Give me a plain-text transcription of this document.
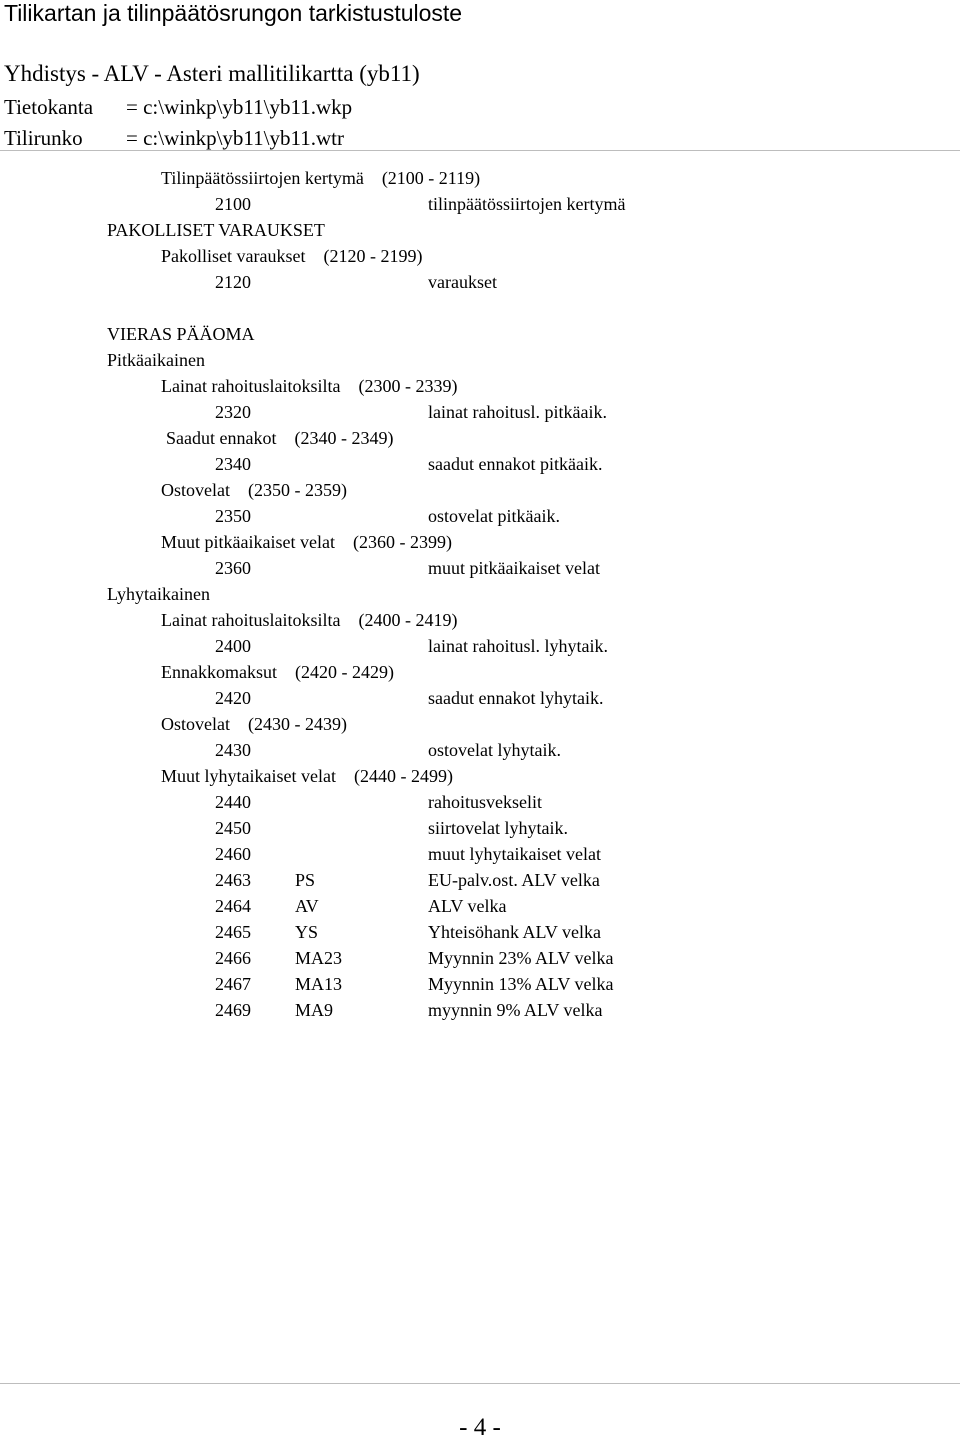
Tilikartan ja tilinpäätösrungon tarkistustuloste
Yhdistys - ALV - Asteri mallitilikartta (yb11)
Tietokanta = c:\winkp\yb11\yb11.wkp
Tilirunko = c:\winkp\yb11\yb11.wtr
Tilinpäätössiirtojen kertymä    (2100 - 2119)
2100	tilinpäätössiirtojen kertymä
PAKOLLISET VARAUKSET
Pakolliset varaukset    (2120 - 2199)
2120	varaukset
VIERAS PÄÄOMA
Pitkäaikainen
Lainat rahoituslaitoksilta    (2300 - 2339)
2320	lainat rahoitusl. pitkäaik.
Saadut ennakot    (2340 - 2349)
2340	saadut ennakot pitkäaik.
Ostovelat    (2350 - 2359)
2350	ostovelat pitkäaik.
Muut pitkäaikaiset velat    (2360 - 2399)
2360	muut pitkäaikaiset velat
Lyhytaikainen
Lainat rahoituslaitoksilta    (2400 - 2419)
2400	lainat rahoitusl. lyhytaik.
Ennakkomaksut    (2420 - 2429)
2420	saadut ennakot lyhytaik.
Ostovelat    (2430 - 2439)
2430	ostovelat lyhytaik.
Muut lyhytaikaiset velat    (2440 - 2499)
2440	rahoitusvekselit
2450	siirtovelat lyhytaik.
2460	muut lyhytaikaiset velat
2463 PS	EU-palv.ost. ALV velka
2464 AV	ALV velka
2465 YS	Yhteisöhank ALV velka
2466 MA23	Myynnin 23% ALV velka
2467 MA13	Myynnin 13% ALV velka
2469 MA9	myynnin 9% ALV velka
- 4 -
